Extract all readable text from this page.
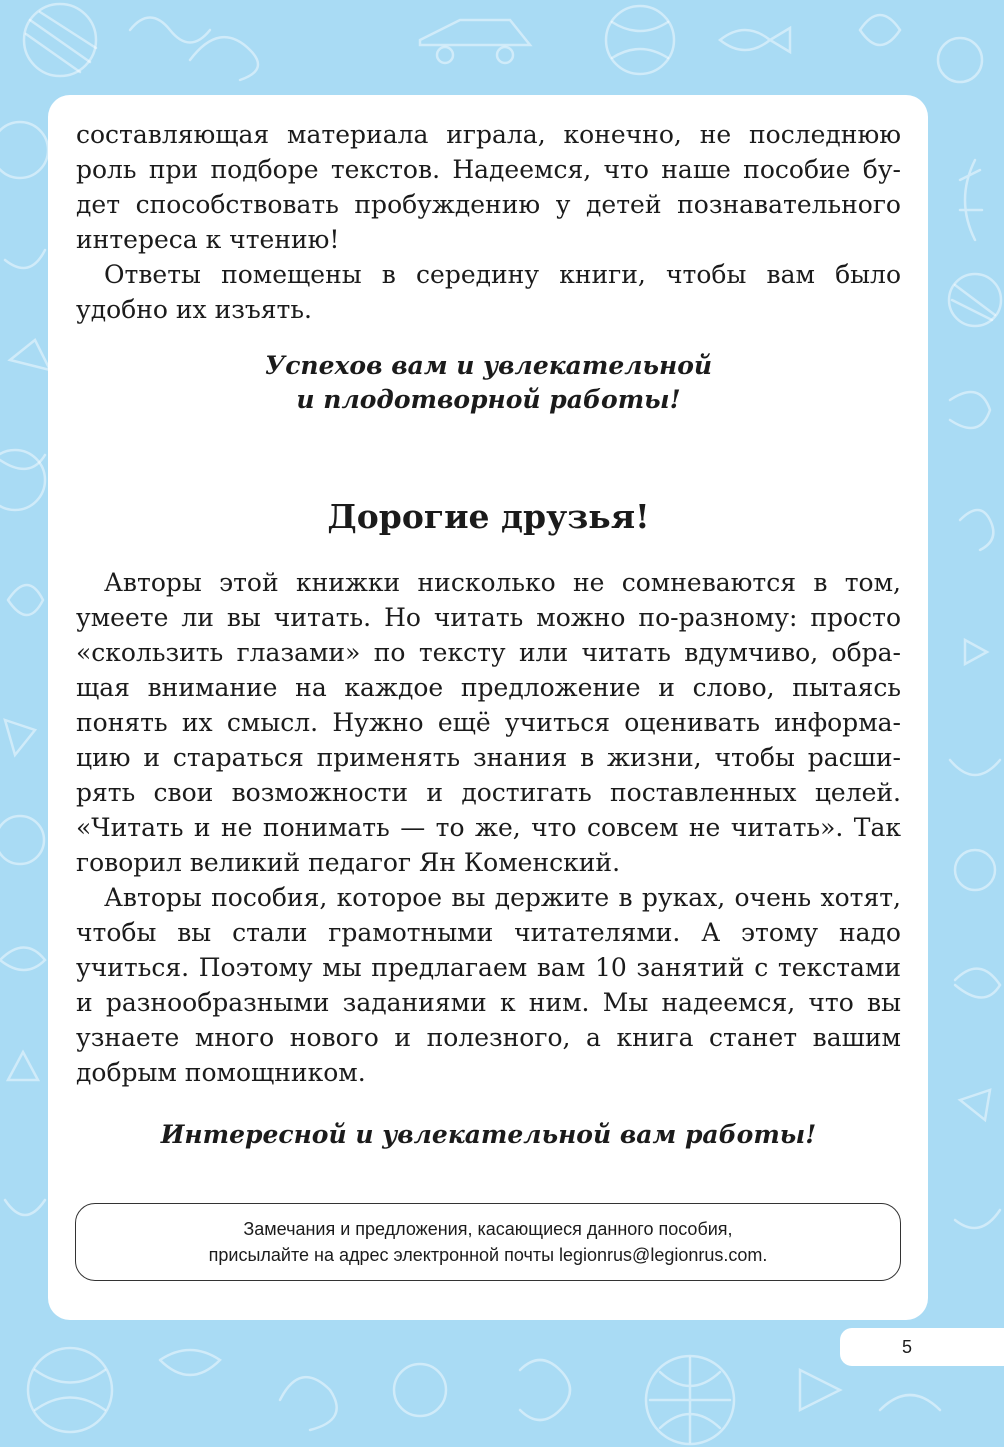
составляющая материала играла, конечно, не последнюю роль при подборе текстов. Надеемся, что наше пособие будет способствовать пробуждению у детей познавательного интереса к чтению!

Ответы помещены в середину книги, чтобы вам было удобно их изъять.

Успехов вам и увлекательной

и плодотворной работы!

Дорогие друзья!

Авторы этой книжки нисколько не сомневаются в том, умеете ли вы читать. Но читать можно по-разному: просто «скользить глазами» по тексту или читать вдумчиво, обращая внимание на каждое предложение и слово, пытаясь понять их смысл. Нужно ещё учиться оценивать информацию и стараться применять знания в жизни, чтобы расширять свои возможности и достигать поставленных целей. «Читать и не понимать — то же, что совсем не читать». Так говорил великий педагог Ян Коменский.

Авторы пособия, которое вы держите в руках, очень хотят, чтобы вы стали грамотными читателями. А этому надо учиться. Поэтому мы предлагаем вам 10 занятий с текстами и разнообразными заданиями к ним. Мы надеемся, что вы узнаете много нового и полезного, а книга станет вашим добрым помощником.

Интересной и увлекательной вам работы!

Замечания и предложения, касающиеся данного пособия,
присылайте на адрес электронной почты legionrus@legionrus.com.
5
